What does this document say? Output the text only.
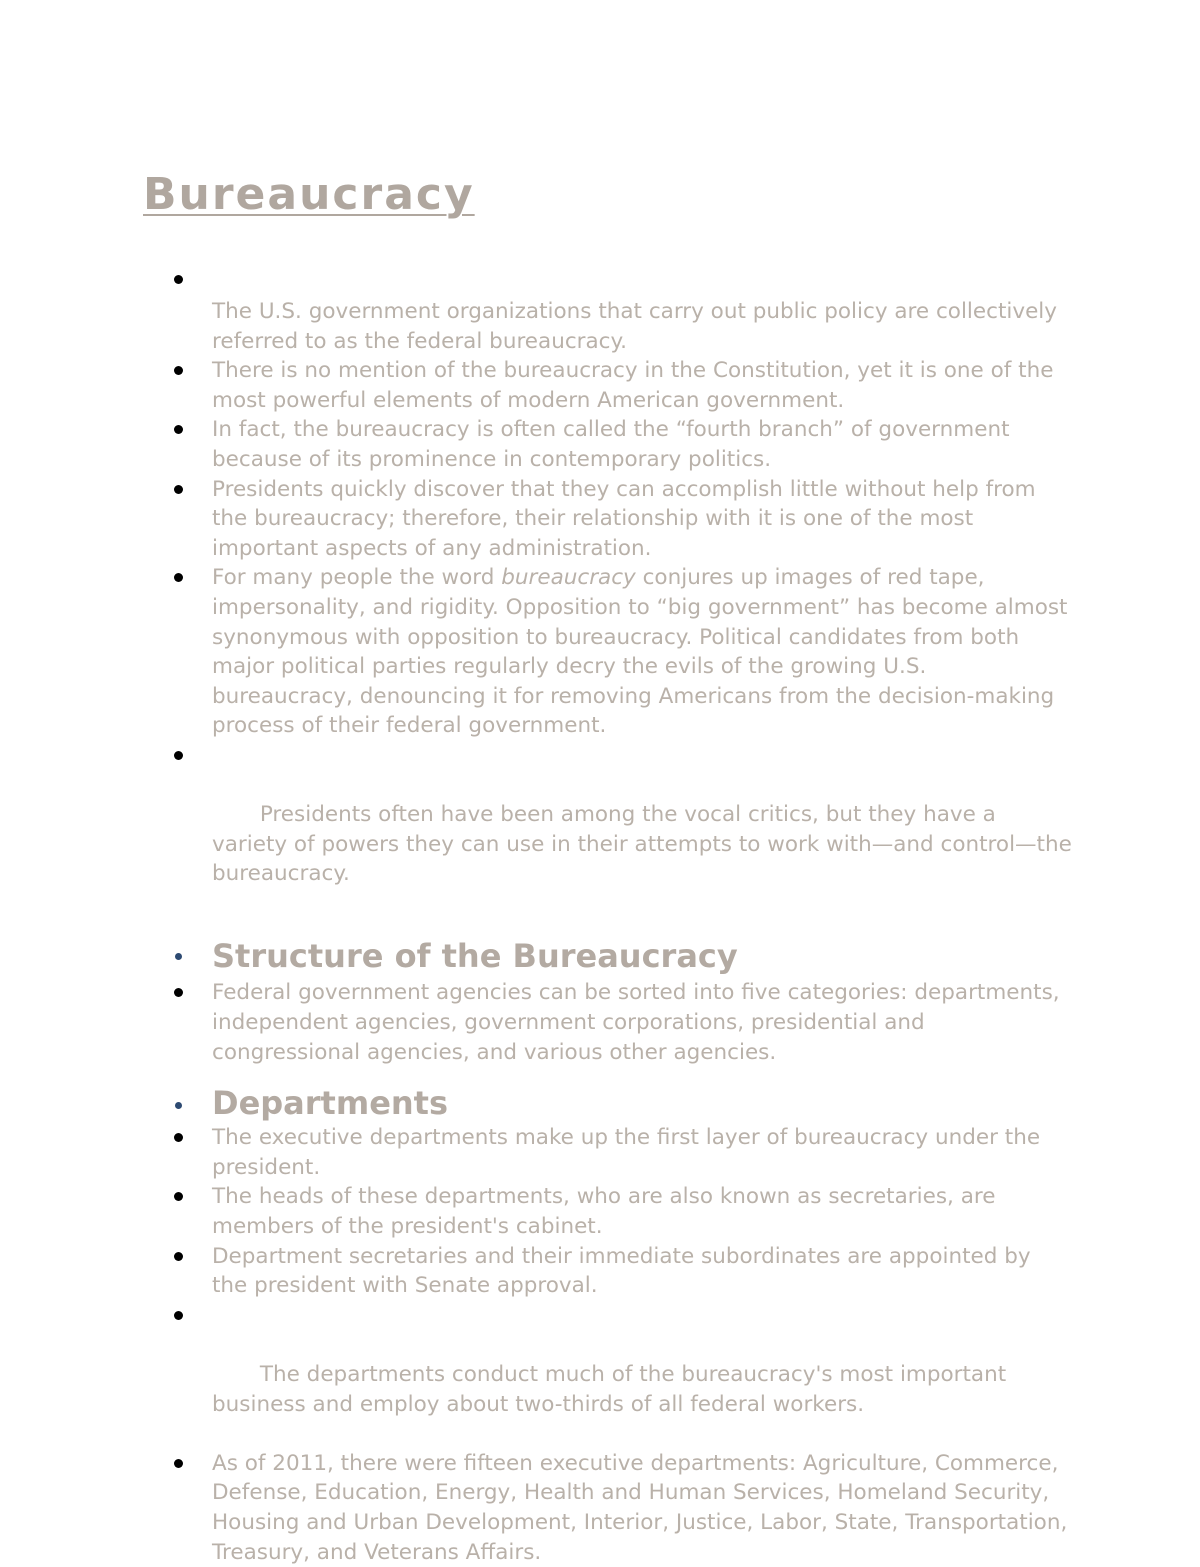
Bureaucracy
The U.S. government organizations that carry out public policy are collectively referred to as the federal bureaucracy.
There is no mention of the bureaucracy in the Constitution, yet it is one of the most powerful elements of modern American government.
In fact, the bureaucracy is often called the “fourth branch” of government because of its prominence in contemporary politics.
Presidents quickly discover that they can accomplish little without help from the bureaucracy; therefore, their relationship with it is one of the most important aspects of any administration.
For many people the word bureaucracy conjures up images of red tape, impersonality, and rigidity. Opposition to “big government” has become almost synonymous with opposition to bureaucracy. Political candidates from both major political parties regularly decry the evils of the growing U.S. bureaucracy, denouncing it for removing Americans from the decision-making process of their federal government.

Presidents often have been among the vocal critics, but they have a variety of powers they can use in their attempts to work with—and control—the bureaucracy.

Structure of the Bureaucracy
Federal government agencies can be sorted into five categories: departments, independent agencies, government corporations, presidential and congressional agencies, and various other agencies.
Departments
The executive departments make up the first layer of bureaucracy under the president.
The heads of these departments, who are also known as secretaries, are members of the president's cabinet.
Department secretaries and their immediate subordinates are appointed by the president with Senate approval.

The departments conduct much of the bureaucracy's most important business and employ about two-thirds of all federal workers.

As of 2011, there were fifteen executive departments: Agriculture, Commerce, Defense, Education, Energy, Health and Human Services, Homeland Security, Housing and Urban Development, Interior, Justice, Labor, State, Transportation, Treasury, and Veterans Affairs.
